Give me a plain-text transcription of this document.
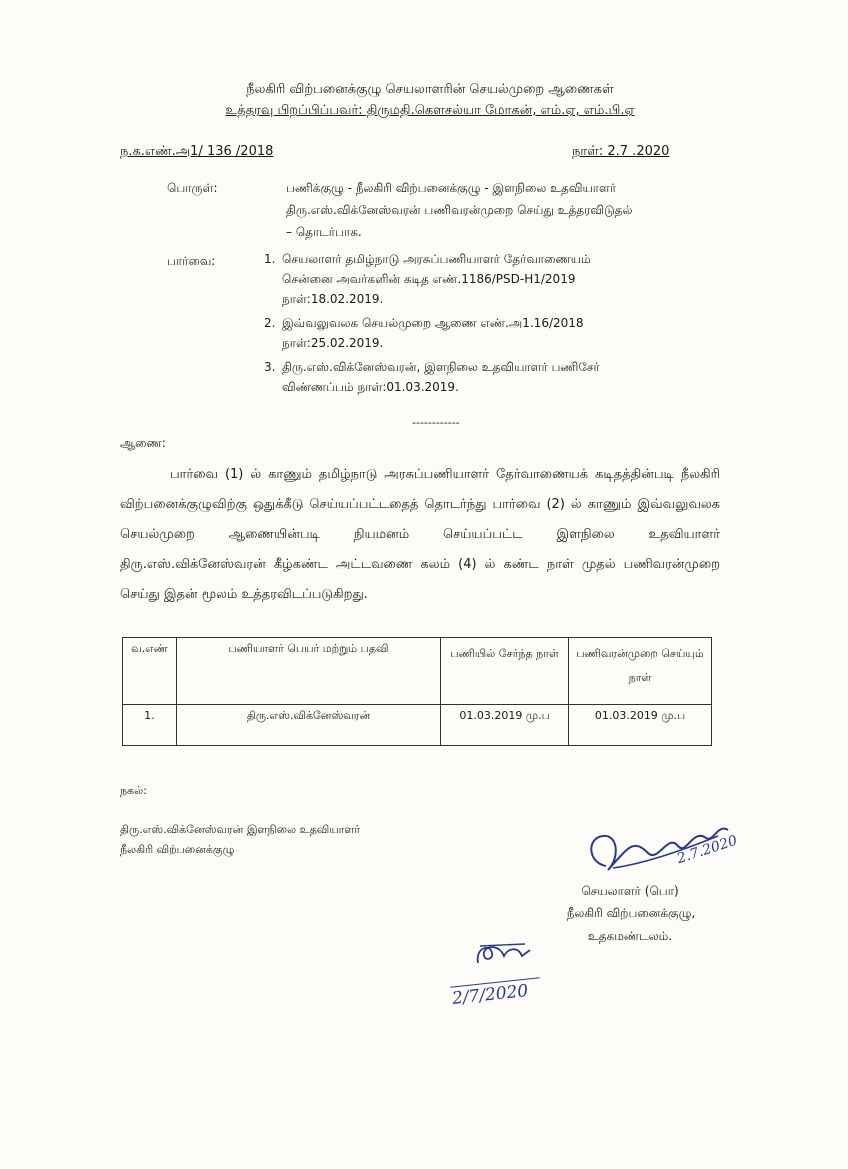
நீலகிரி விற்பனைக்குழு செயலாளரின் செயல்முறை ஆணைகள்
உத்தரவு பிறப்பிப்பவர்: திருமதி.கௌசல்யா மோகன், எம்.ஏ, எம்.பி.ஏ
ந.க.எண்.அ1/ 136 /2018	நாள்: 2.7 .2020
பொருள்:	பணிக்குழு - நீலகிரி விற்பனைக்குழு - இளநிலை உதவியாளர்
திரு.எஸ்.விக்னேஸ்வரன் பணிவரன்முறை செய்து உத்தரவிடுதல்
– தொடர்பாக.
பார்வை:	1. செயலாளர் தமிழ்நாடு அரசுப்பணியாளர் தேர்வாணையம்
சென்னை அவர்களின் கடித எண்.1186/PSD-H1/2019
நாள்:18.02.2019.
2. இவ்வலுவலக செயல்முறை ஆணை எண்.அ1.16/2018
நாள்:25.02.2019.
3. திரு.எஸ்.விக்னேஸ்வரன், இளநிலை உதவியாளர் பணிசேர்
விண்ணப்பம் நாள்:01.03.2019.
------------
ஆணை:
பார்வை (1) ல் காணும் தமிழ்நாடு அரசுப்பணியாளர் தேர்வாணையக் கடிதத்தின்படி நீலகிரி விற்பனைக்குழுவிற்கு ஒதுக்கீடு செய்யப்பட்டதைத் தொடர்ந்து பார்வை (2) ல் காணும் இவ்வலுவலக செயல்முறை ஆணையின்படி நியமனம் செய்யப்பட்ட இளநிலை உதவியாளர் திரு.எஸ்.விக்னேஸ்வரன் கீழ்கண்ட அட்டவணை கலம் (4) ல் கண்ட நாள் முதல் பணிவரன்முறை செய்து இதன் மூலம் உத்தரவிடப்படுகிறது.
வ.எண்	பணியாளர் பெயர் மற்றும் பதவி	பணியில் சேர்ந்த நாள்	பணிவரன்முறை செய்யும் நாள்
1.	திரு.எஸ்.விக்னேஸ்வரன்	01.03.2019 மு.ப	01.03.2019 மு.ப
நகல்:
திரு.எஸ்.விக்னேஸ்வரன் இளநிலை உதவியாளர்
நீலகிரி விற்பனைக்குழு	2.7.2020
செயலாளர் (பொ)
நீலகிரி விற்பனைக்குழு,
உதகமண்டலம்.
2/7/2020
